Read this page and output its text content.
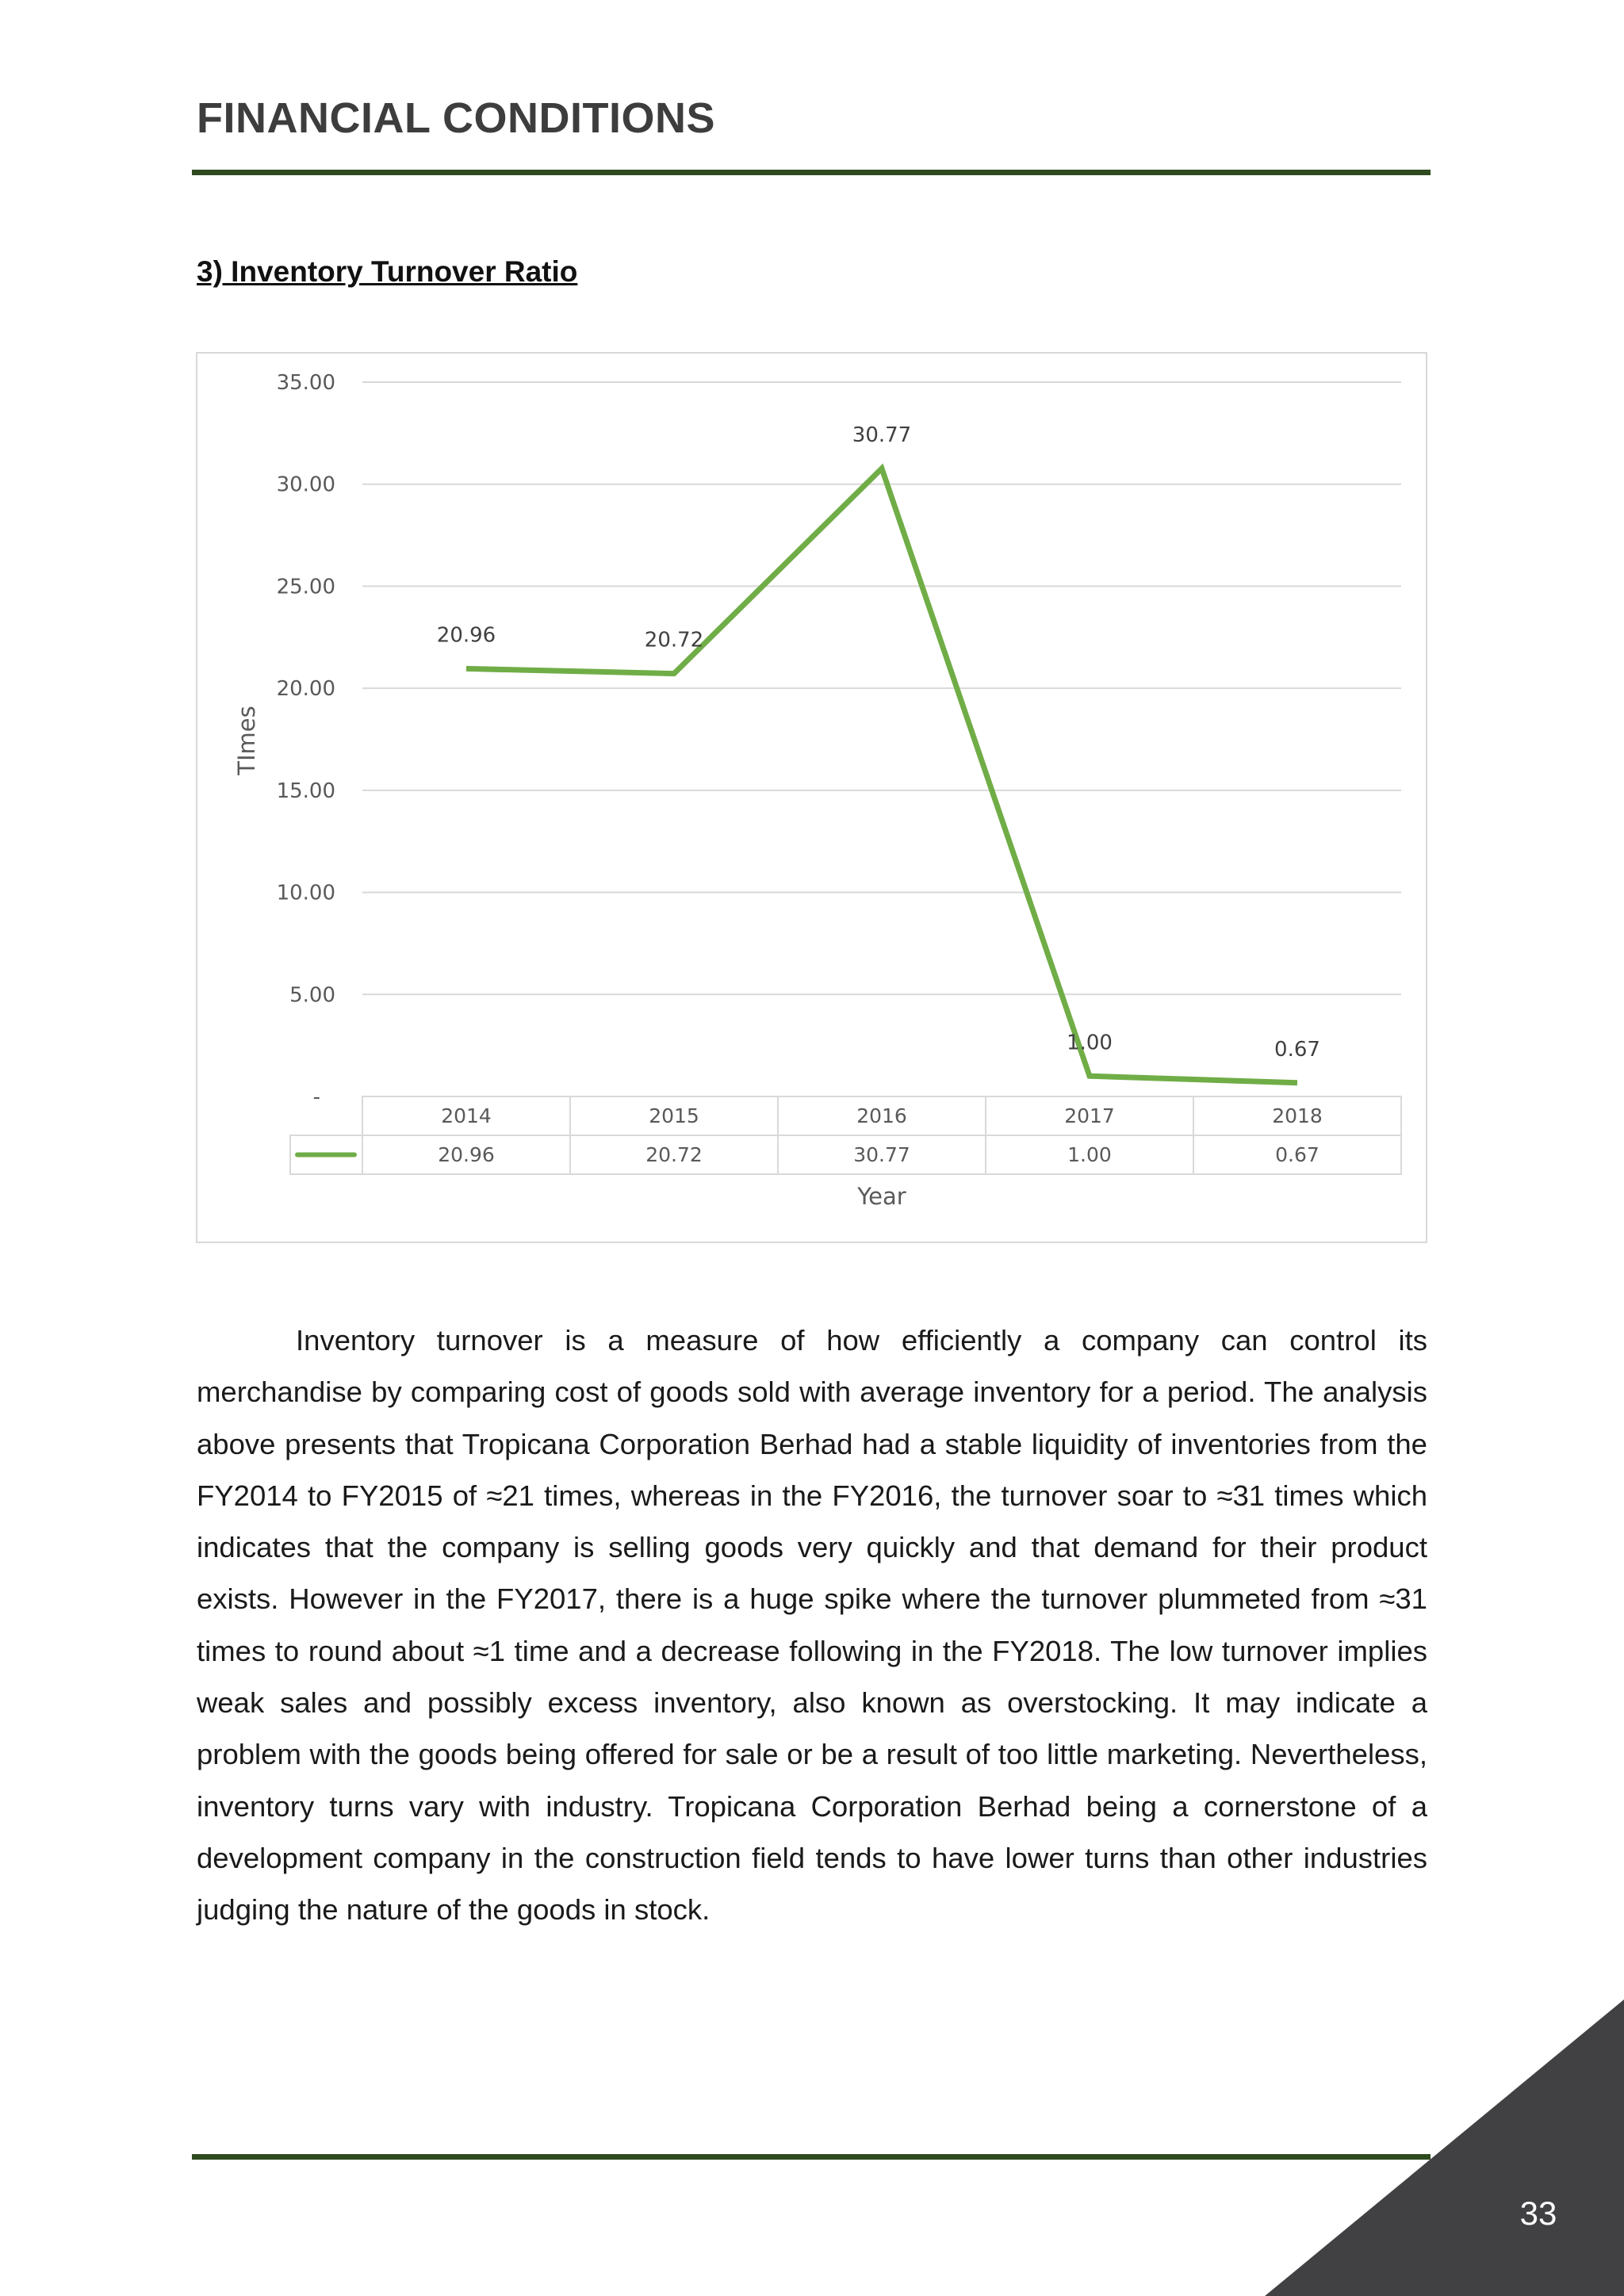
FINANCIAL CONDITIONS
3) Inventory Turnover Ratio
-
5.00
10.00
15.00
20.00
25.00
30.00
35.00
TImes
2014
20.96
2015
20.72
2016
30.77
2017
1.00
2018
0.67
Year
20.96	20.72
30.77
1.00	0.67
Inventory turnover is a measure of how efficiently a company can control its merchandise by comparing cost of goods sold with average inventory for a period. The analysis above presents that Tropicana Corporation Berhad had a stable liquidity of inventories from the FY2014 to FY2015 of ≈21 times, whereas in the FY2016, the turnover soar to ≈31 times which indicates that the company is selling goods very quickly and that demand for their product exists. However in the FY2017, there is a huge spike where the turnover plummeted from ≈31 times to round about ≈1 time and a decrease following in the FY2018. The low turnover implies weak sales and possibly excess inventory, also known as overstocking. It may indicate a problem with the goods being offered for sale or be a result of too little marketing. Nevertheless, inventory turns vary with industry. Tropicana Corporation Berhad being a cornerstone of a development company in the construction field tends to have lower turns than other industries judging the nature of the goods in stock.
33
